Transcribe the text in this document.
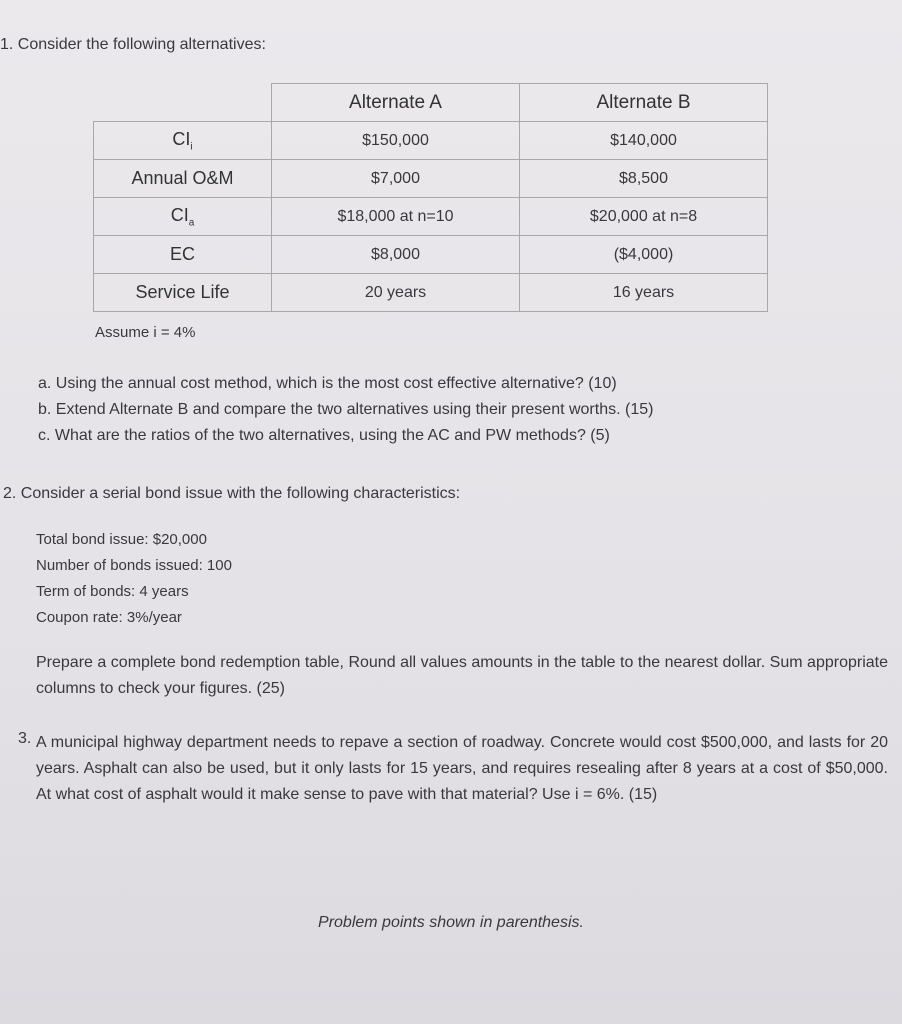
1. Consider the following alternatives:
	Alternate A	Alternate B
$CI_i$	$150,000	$140,000
Annual O&M	$7,000	$8,500
$CI_a$	$18,000 at n=10	$20,000 at n=8
EC	$8,000	($4,000)
Service Life	20 years	16 years
Assume i = 4%
a. Using the annual cost method, which is the most cost effective alternative? (10)
b. Extend Alternate B and compare the two alternatives using their present worths. (15)
c. What are the ratios of the two alternatives, using the AC and PW methods? (5)
2. Consider a serial bond issue with the following characteristics:
Total bond issue: $20,000
Number of bonds issued: 100
Term of bonds: 4 years
Coupon rate: 3%/year
Prepare a complete bond redemption table, Round all values amounts in the table to the nearest dollar. Sum appropriate columns to check your figures. (25)
3. A municipal highway department needs to repave a section of roadway. Concrete would cost $500,000, and lasts for 20 years. Asphalt can also be used, but it only lasts for 15 years, and requires resealing after 8 years at a cost of $50,000. At what cost of asphalt would it make sense to pave with that material? Use i = 6%. (15)
Problem points shown in parenthesis.
